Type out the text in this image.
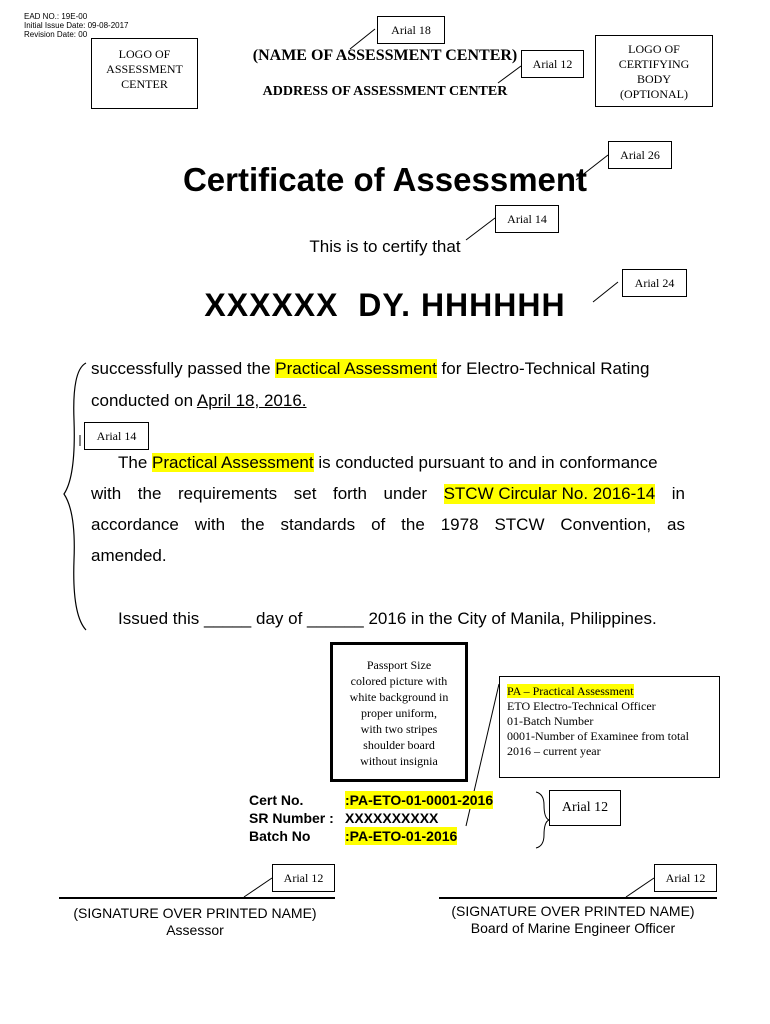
EAD NO.: 19E-00
Initial Issue Date: 09-08-2017
Revision Date: 00
LOGO OF
ASSESSMENT
CENTER
LOGO OF
CERTIFYING
BODY
(OPTIONAL)
(NAME OF ASSESSMENT CENTER)
ADDRESS OF ASSESSMENT CENTER
Arial 18
Arial 12
Arial 26
Arial 14
Arial 24
Arial 14
Arial 12
Arial 12	Arial 12
Certificate of Assessment
This is to certify that
XXXXXX  DY. HHHHHH
successfully passed the Practical Assessment for Electro-Technical Rating
conducted on April 18, 2016.
The Practical Assessment is conducted pursuant to and in conformance
with the requirements set forth under STCW Circular No. 2016-14 in
accordance with the standards of the 1978 STCW Convention, as
amended.
Issued this _____ day of ______ 2016 in the City of Manila, Philippines.
Passport Size
colored picture with
white background in
proper uniform,
with two stripes
shoulder board
without insignia
PA – Practical Assessment
ETO Electro-Technical Officer
01-Batch Number
0001-Number of Examinee from total
2016 – current year
Cert No.	:PA-ETO-01-0001-2016
SR Number : XXXXXXXXXX
Batch No	:PA-ETO-01-2016
(SIGNATURE OVER PRINTED NAME)
Assessor
(SIGNATURE OVER PRINTED NAME)
Board of Marine Engineer Officer
